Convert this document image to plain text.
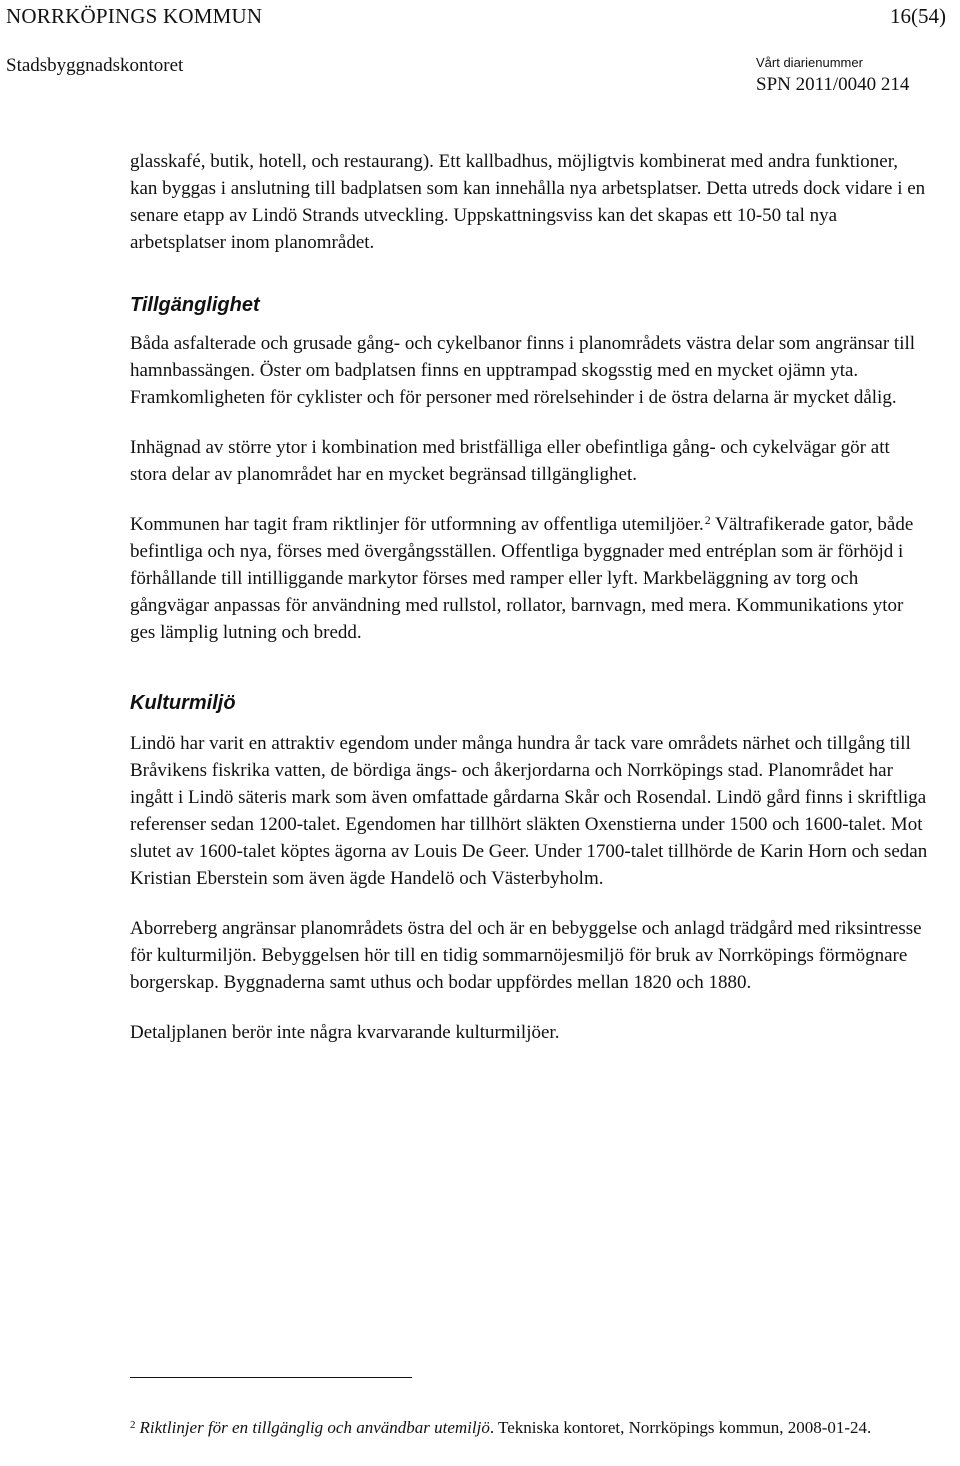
NORRKÖPINGS KOMMUN	16(54)
Stadsbyggnadskontoret	Vårt diarienummer
SPN 2011/0040 214

glasskafé, butik, hotell, och restaurang). Ett kallbadhus, möjligtvis kombinerat med andra funktioner, kan byggas i anslutning till badplatsen som kan innehålla nya arbetsplatser. Detta utreds dock vidare i en senare etapp av Lindö Strands utveckling. Uppskattningsviss kan det skapas ett 10-50 tal nya arbetsplatser inom planområdet.

Tillgänglighet

Båda asfalterade och grusade gång- och cykelbanor finns i planområdets västra delar som angränsar till hamnbassängen. Öster om badplatsen finns en upptrampad skogsstig med en mycket ojämn yta. Framkomligheten för cyklister och för personer med rörelsehinder i de östra delarna är mycket dålig.

Inhägnad av större ytor i kombination med bristfälliga eller obefintliga gång- och cykelvägar gör att stora delar av planområdet har en mycket begränsad tillgänglighet.

Kommunen har tagit fram riktlinjer för utformning av offentliga utemiljöer.$^2$ Vältrafikerade gator, både befintliga och nya, förses med övergångsställen. Offentliga byggnader med entréplan som är förhöjd i förhållande till intilliggande markytor förses med ramper eller lyft. Markbeläggning av torg och gångvägar anpassas för användning med rullstol, rollator, barnvagn, med mera. Kommunikations ytor ges lämplig lutning och bredd.

Kulturmiljö

Lindö har varit en attraktiv egendom under många hundra år tack vare områdets närhet och tillgång till Bråvikens fiskrika vatten, de bördiga ängs- och åkerjordarna och Norrköpings stad. Planområdet har ingått i Lindö säteris mark som även omfattade gårdarna Skår och Rosendal. Lindö gård finns i skriftliga referenser sedan 1200-talet. Egendomen har tillhört släkten Oxenstierna under 1500 och 1600-talet. Mot slutet av 1600-talet köptes ägorna av Louis De Geer. Under 1700-talet tillhörde de Karin Horn och sedan Kristian Eberstein som även ägde Handelö och Västerbyholm.

Aborreberg angränsar planområdets östra del och är en bebyggelse och anlagd trädgård med riksintresse för kulturmiljön. Bebyggelsen hör till en tidig sommarnöjesmiljö för bruk av Norrköpings förmögnare borgerskap. Byggnaderna samt uthus och bodar uppfördes mellan 1820 och 1880.

Detaljplanen berör inte några kvarvarande kulturmiljöer.

$^2$ Riktlinjer för en tillgänglig och användbar utemiljö. Tekniska kontoret, Norrköpings kommun, 2008-01-24.
